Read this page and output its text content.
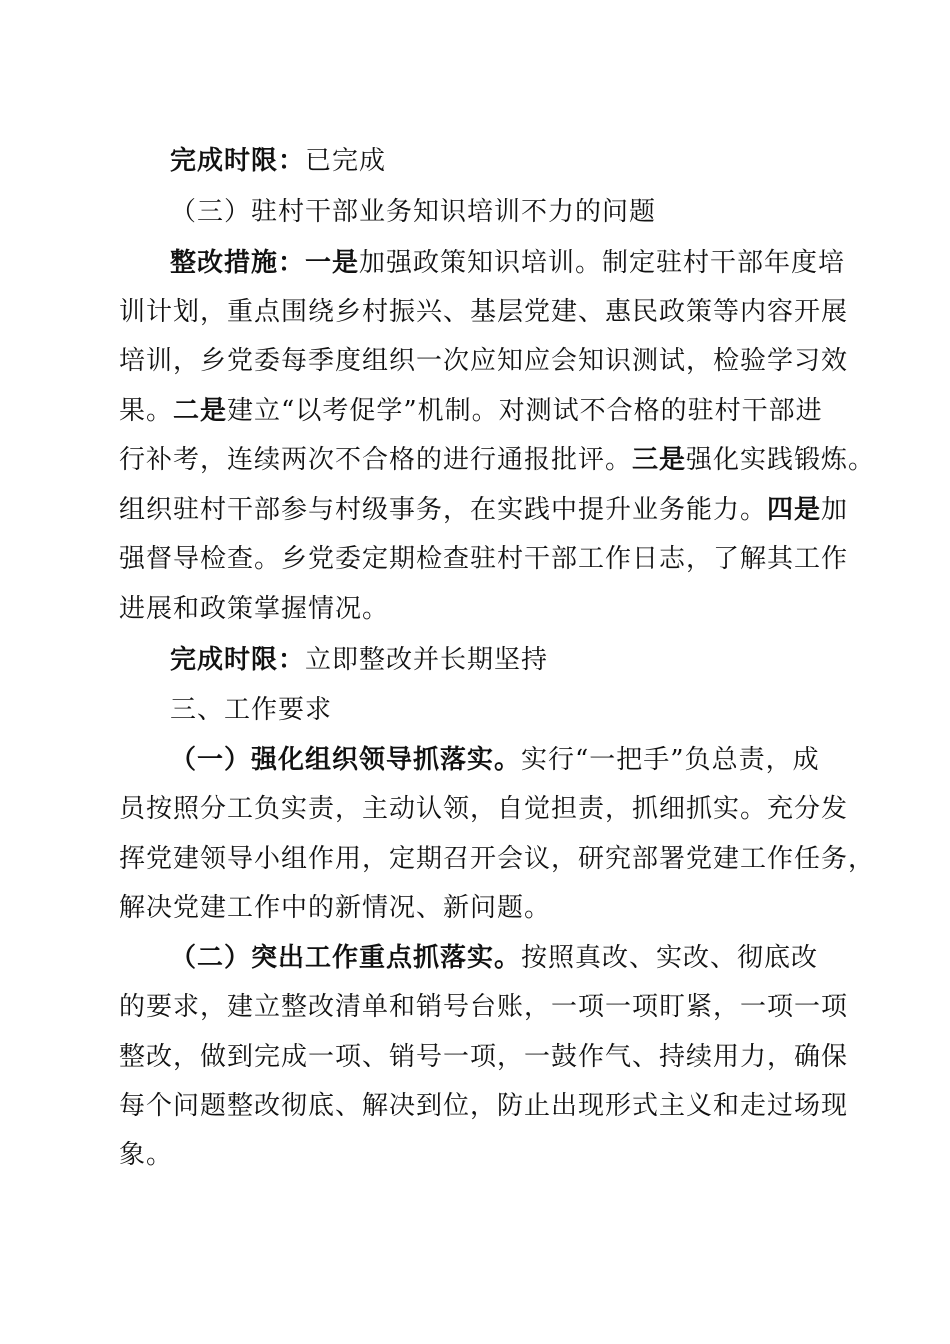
完成时限：已完成
（三）驻村干部业务知识培训不力的问题
整改措施：一是加强政策知识培训。制定驻村干部年度培
训计划，重点围绕乡村振兴、基层党建、惠民政策等内容开展
培训，乡党委每季度组织一次应知应会知识测试，检验学习效
果。二是建立“以考促学”机制。对测试不合格的驻村干部进
行补考，连续两次不合格的进行通报批评。三是强化实践锻炼。
组织驻村干部参与村级事务，在实践中提升业务能力。四是加
强督导检查。乡党委定期检查驻村干部工作日志，了解其工作
进展和政策掌握情况。
完成时限：立即整改并长期坚持
三、工作要求
（一）强化组织领导抓落实。实行“一把手”负总责，成
员按照分工负实责，主动认领，自觉担责，抓细抓实。充分发
挥党建领导小组作用，定期召开会议，研究部署党建工作任务，
解决党建工作中的新情况、新问题。
（二）突出工作重点抓落实。按照真改、实改、彻底改
的要求，建立整改清单和销号台账，一项一项盯紧，一项一项
整改，做到完成一项、销号一项，一鼓作气、持续用力，确保
每个问题整改彻底、解决到位，防止出现形式主义和走过场现
象。
